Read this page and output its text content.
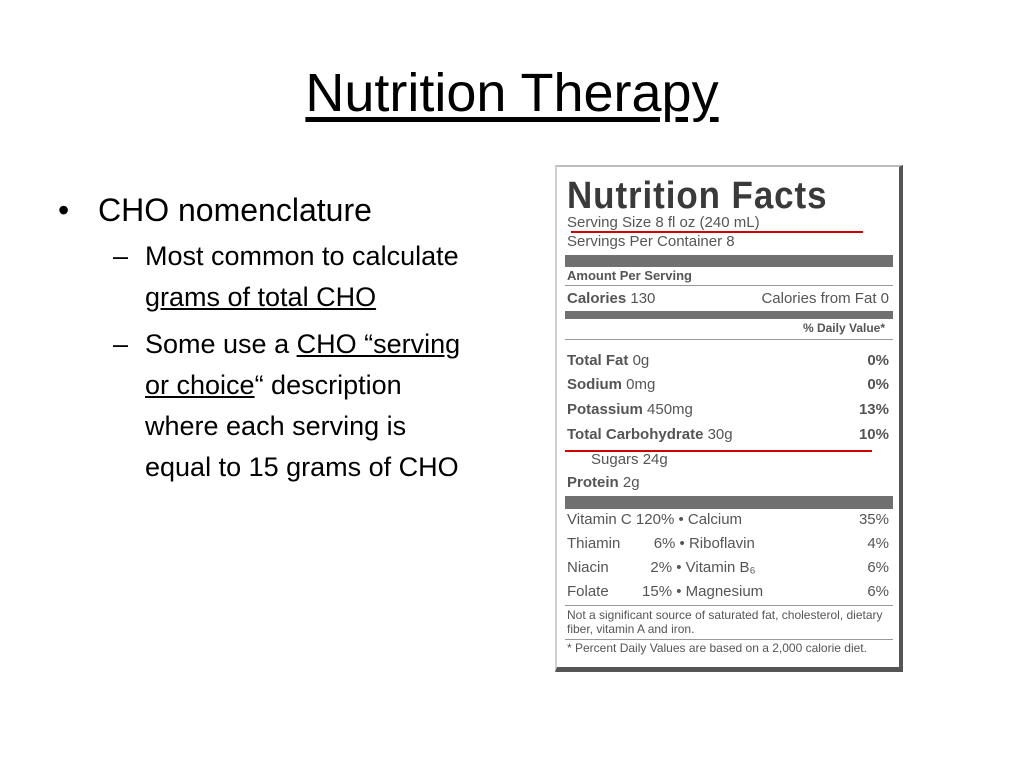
Nutrition Therapy
• CHO nomenclature
– Most common to calculate grams of total CHO
– Some use a CHO “serving or choice“ description where each serving is equal to 15 grams of CHO
Nutrition Facts
Serving Size 8 fl oz (240 mL)
Servings Per Container 8
Amount Per Serving
Calories 130	Calories from Fat 0
% Daily Value*
Total Fat 0g	0%
Sodium 0mg	0%
Potassium 450mg	13%
Total Carbohydrate 30g	10%
Sugars 24g
Protein 2g
Vitamin C 120% • Calcium	35%
Thiamin        6% • Riboflavin	4%
Niacin          2% • Vitamin B₆	6%
Folate        15% • Magnesium	6%
Not a significant source of saturated fat, cholesterol, dietary fiber, vitamin A and iron.
* Percent Daily Values are based on a 2,000 calorie diet.
